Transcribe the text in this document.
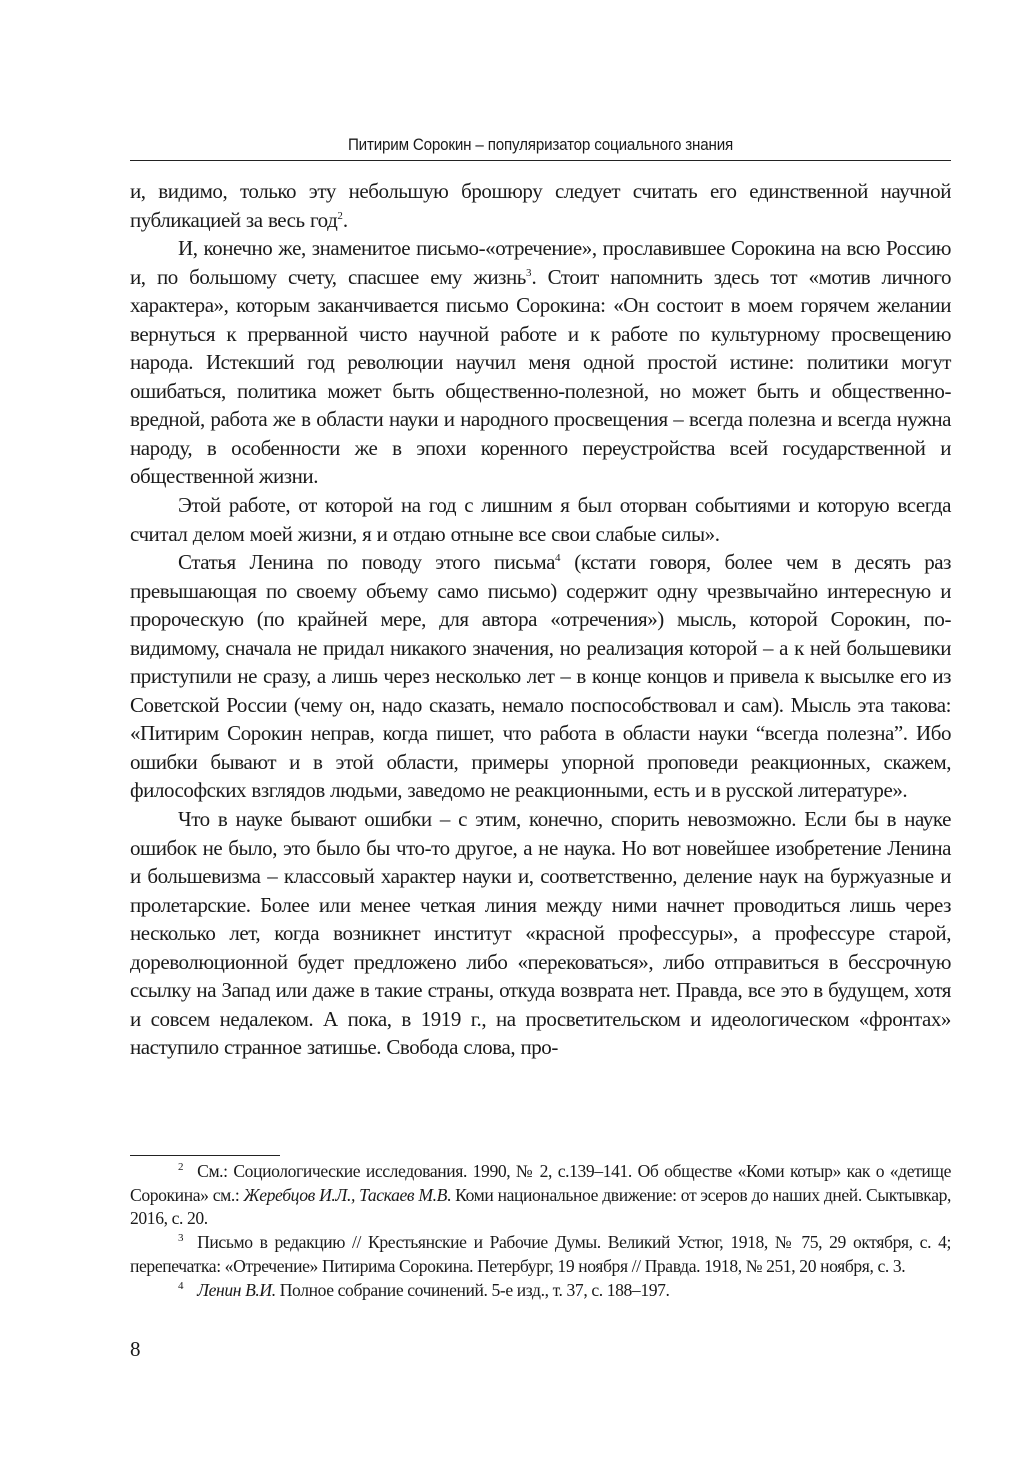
Питирим Сорокин – популяризатор социального знания

и, видимо, только эту небольшую брошюру следует считать его единственной научной публикацией за весь год$^2$.

И, конечно же, знаменитое письмо-«отречение», прославившее Сорокина на всю Россию и, по большому счету, спасшее ему жизнь$^3$. Стоит напомнить здесь тот «мотив личного характера», которым заканчивается письмо Сорокина: «Он состоит в моем горячем желании вернуться к прерванной чисто научной работе и к работе по культурному просвещению народа. Истекший год революции научил меня одной простой истине: политики могут ошибаться, политика может быть общественно-полезной, но может быть и общественно-вредной, работа же в области науки и народного просвещения – всегда полезна и всегда нужна народу, в особенности же в эпохи коренного переустройства всей государственной и общественной жизни.

Этой работе, от которой на год с лишним я был оторван событиями и которую всегда считал делом моей жизни, я и отдаю отныне все свои слабые силы».

Статья Ленина по поводу этого письма$^4$ (кстати говоря, более чем в десять раз превышающая по своему объему само письмо) содержит одну чрезвычайно интересную и пророческую (по крайней мере, для автора «отречения») мысль, которой Сорокин, по-видимому, сначала не придал никакого значения, но реализация которой – а к ней большевики приступили не сразу, а лишь через несколько лет – в конце концов и привела к высылке его из Советской России (чему он, надо сказать, немало поспособствовал и сам). Мысль эта такова: «Питирим Сорокин неправ, когда пишет, что работа в области науки “всегда полезна”. Ибо ошибки бывают и в этой области, примеры упорной проповеди реакционных, скажем, философских взглядов людьми, заведомо не реакционными, есть и в русской литературе».

Что в науке бывают ошибки – с этим, конечно, спорить невозможно. Если бы в науке ошибок не было, это было бы что-то другое, а не наука. Но вот новейшее изобретение Ленина и большевизма – классовый характер науки и, соответственно, деление наук на буржуазные и пролетарские. Более или менее четкая линия между ними начнет проводиться лишь через несколько лет, когда возникнет институт «красной профессуры», а профессуре старой, дореволюционной будет предложено либо «перековаться», либо отправиться в бессрочную ссылку на Запад или даже в такие страны, откуда возврата нет. Правда, все это в будущем, хотя и совсем недалеком. А пока, в 1919 г., на просветительском и идеологическом «фронтах» наступило странное затишье. Свобода слова, про-

$^2$ См.: Социологические исследования. 1990, № 2, с.139–141. Об обществе «Коми котыр» как о «детище Сорокина» см.: Жеребцов И.Л., Таскаев М.В. Коми национальное движение: от эсеров до наших дней. Сыктывкар, 2016, с. 20.

$^3$ Письмо в редакцию // Крестьянские и Рабочие Думы. Великий Устюг, 1918, № 75, 29 октября, с. 4; перепечатка: «Отречение» Питирима Сорокина. Петербург, 19 ноября // Правда. 1918, № 251, 20 ноября, с. 3.

$^4$ Ленин В.И. Полное собрание сочинений. 5-е изд., т. 37, с. 188–197.

8
